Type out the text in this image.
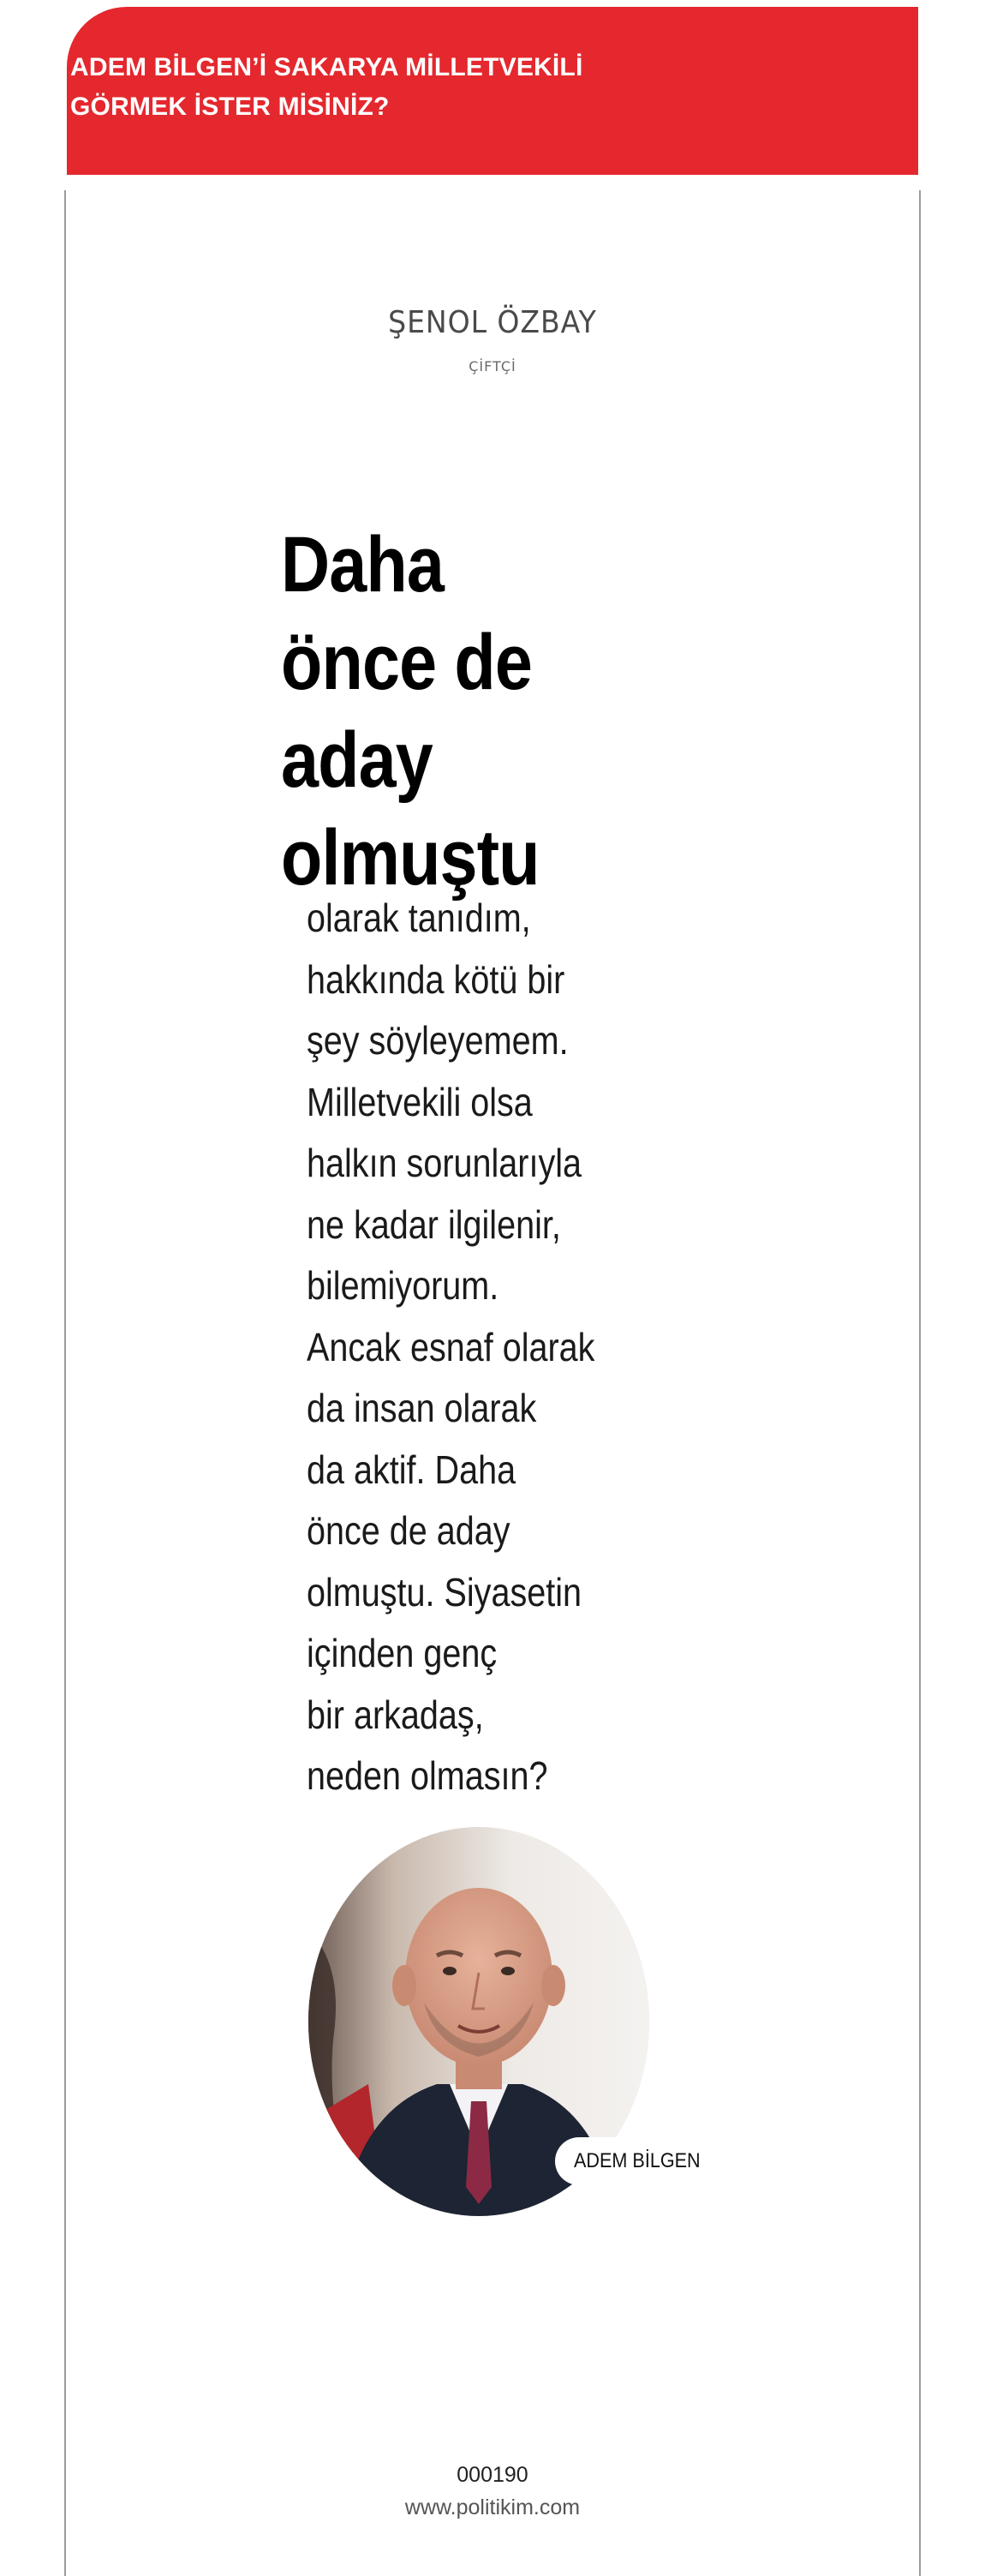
ADEM BİLGEN’İ SAKARYA MİLLETVEKİLİ
GÖRMEK İSTER MİSİNİZ?
ŞENOL ÖZBAY
ÇİFTÇİ
Daha
önce de
aday
olmuştu
olarak tanıdım,
hakkında kötü bir
şey söyleyemem.
Milletvekili olsa
halkın sorunlarıyla
ne kadar ilgilenir,
bilemiyorum.
Ancak esnaf olarak
da insan olarak
da aktif. Daha
önce de aday
olmuştu. Siyasetin
içinden genç
bir arkadaş,
neden olmasın?
ADEM BİLGEN
000190
www.politikim.com
